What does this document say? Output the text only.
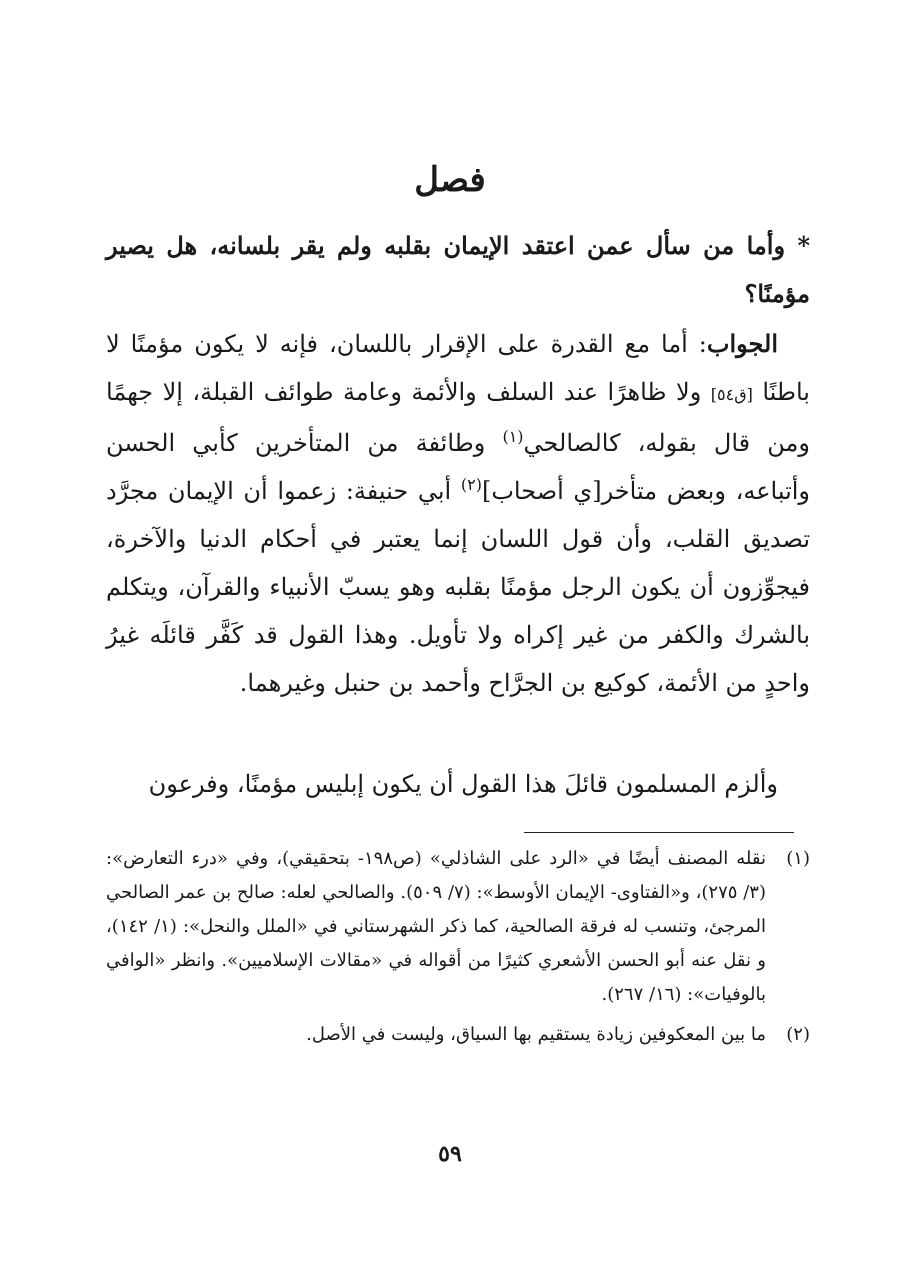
فصل

* وأما من سأل عمن اعتقد الإيمان بقلبه ولم يقر بلسانه، هل يصير مؤمنًا؟

الجواب: أما مع القدرة على الإقرار باللسان، فإنه لا يكون مؤمنًا لا باطنًا [ق٥٤] ولا ظاهرًا عند السلف والأئمة وعامة طوائف القبلة، إلا جهمًا ومن قال بقوله، كالصالحي$^{(١)}$ وطائفة من المتأخرين كأبي الحسن وأتباعه، وبعض متأخر[ي أصحاب]$^{(٢)}$ أبي حنيفة: زعموا أن الإيمان مجرَّد تصديق القلب، وأن قول اللسان إنما يعتبر في أحكام الدنيا والآخرة، فيجوِّزون أن يكون الرجل مؤمنًا بقلبه وهو يسبّ الأنبياء والقرآن، ويتكلم بالشرك والكفر من غير إكراه ولا تأويل. وهذا القول قد كَفَّر قائلَه غيرُ واحدٍ من الأئمة، كوكيع بن الجرَّاح وأحمد بن حنبل وغيرهما.

وألزم المسلمون قائلَ هذا القول أن يكون إبليس مؤمنًا، وفرعون

(١)
نقله المصنف أيضًا في «الرد على الشاذلي» (ص١٩٨- بتحقيقي)، وفي «درء التعارض»: (٣/ ٢٧٥)، و«الفتاوى- الإيمان الأوسط»: (٧/ ٥٠٩). والصالحي لعله: صالح بن عمر الصالحي المرجئ، وتنسب له فرقة الصالحية، كما ذكر الشهرستاني في «الملل والنحل»: (١/ ١٤٢)، و نقل عنه أبو الحسن الأشعري كثيرًا من أقواله في «مقالات الإسلاميين». وانظر «الوافي بالوفيات»: (١٦/ ٢٦٧).
(٢)
ما بين المعكوفين زيادة يستقيم بها السياق، وليست في الأصل.
٥٩
